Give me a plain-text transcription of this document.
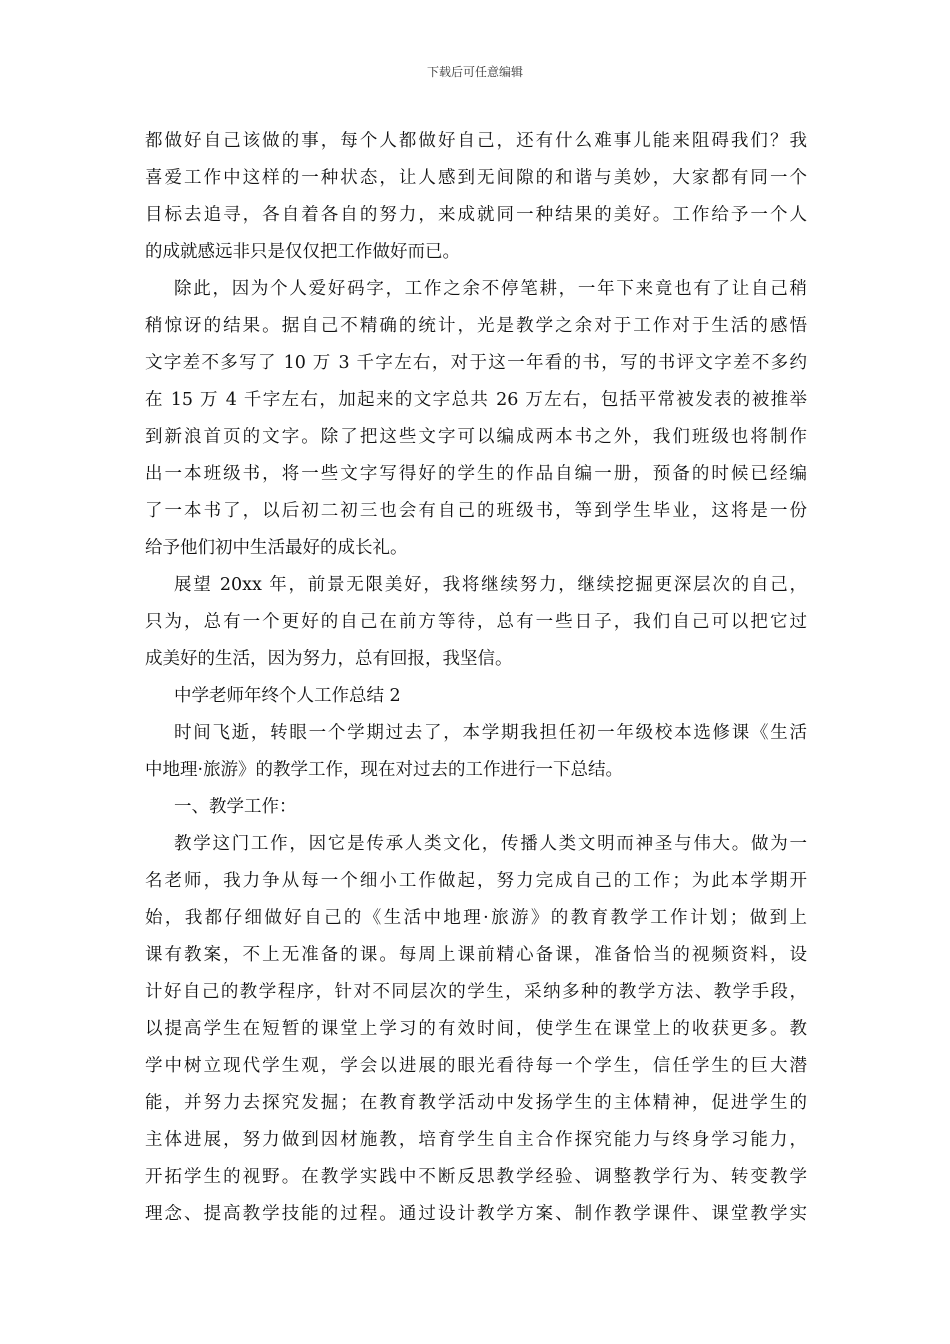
下载后可任意编辑
都做好自己该做的事，每个人都做好自己，还有什么难事儿能来阻碍我们？我
喜爱工作中这样的一种状态，让人感到无间隙的和谐与美妙，大家都有同一个
目标去追寻，各自着各自的努力，来成就同一种结果的美好。工作给予一个人
的成就感远非只是仅仅把工作做好而已。
除此，因为个人爱好码字，工作之余不停笔耕，一年下来竟也有了让自己稍
稍惊讶的结果。据自己不精确的统计，光是教学之余对于工作对于生活的感悟
文字差不多写了 10 万 3 千字左右，对于这一年看的书，写的书评文字差不多约
在 15 万 4 千字左右，加起来的文字总共 26 万左右，包括平常被发表的被推举
到新浪首页的文字。除了把这些文字可以编成两本书之外，我们班级也将制作
出一本班级书，将一些文字写得好的学生的作品自编一册，预备的时候已经编
了一本书了，以后初二初三也会有自己的班级书，等到学生毕业，这将是一份
给予他们初中生活最好的成长礼。
展望 20xx 年，前景无限美好，我将继续努力，继续挖掘更深层次的自己，
只为，总有一个更好的自己在前方等待，总有一些日子，我们自己可以把它过
成美好的生活，因为努力，总有回报，我坚信。
中学老师年终个人工作总结 2
时间飞逝，转眼一个学期过去了，本学期我担任初一年级校本选修课《生活
中地理·旅游》的教学工作，现在对过去的工作进行一下总结。
一、教学工作：
教学这门工作，因它是传承人类文化，传播人类文明而神圣与伟大。做为一
名老师，我力争从每一个细小工作做起，努力完成自己的工作；为此本学期开
始，我都仔细做好自己的《生活中地理·旅游》的教育教学工作计划；做到上
课有教案，不上无准备的课。每周上课前精心备课，准备恰当的视频资料，设
计好自己的教学程序，针对不同层次的学生，采纳多种的教学方法、教学手段，
以提高学生在短暂的课堂上学习的有效时间，使学生在课堂上的收获更多。教
学中树立现代学生观，学会以进展的眼光看待每一个学生，信任学生的巨大潜
能，并努力去探究发掘；在教育教学活动中发扬学生的主体精神，促进学生的
主体进展，努力做到因材施教，培育学生自主合作探究能力与终身学习能力，
开拓学生的视野。在教学实践中不断反思教学经验、调整教学行为、转变教学
理念、提高教学技能的过程。通过设计教学方案、制作教学课件、课堂教学实
